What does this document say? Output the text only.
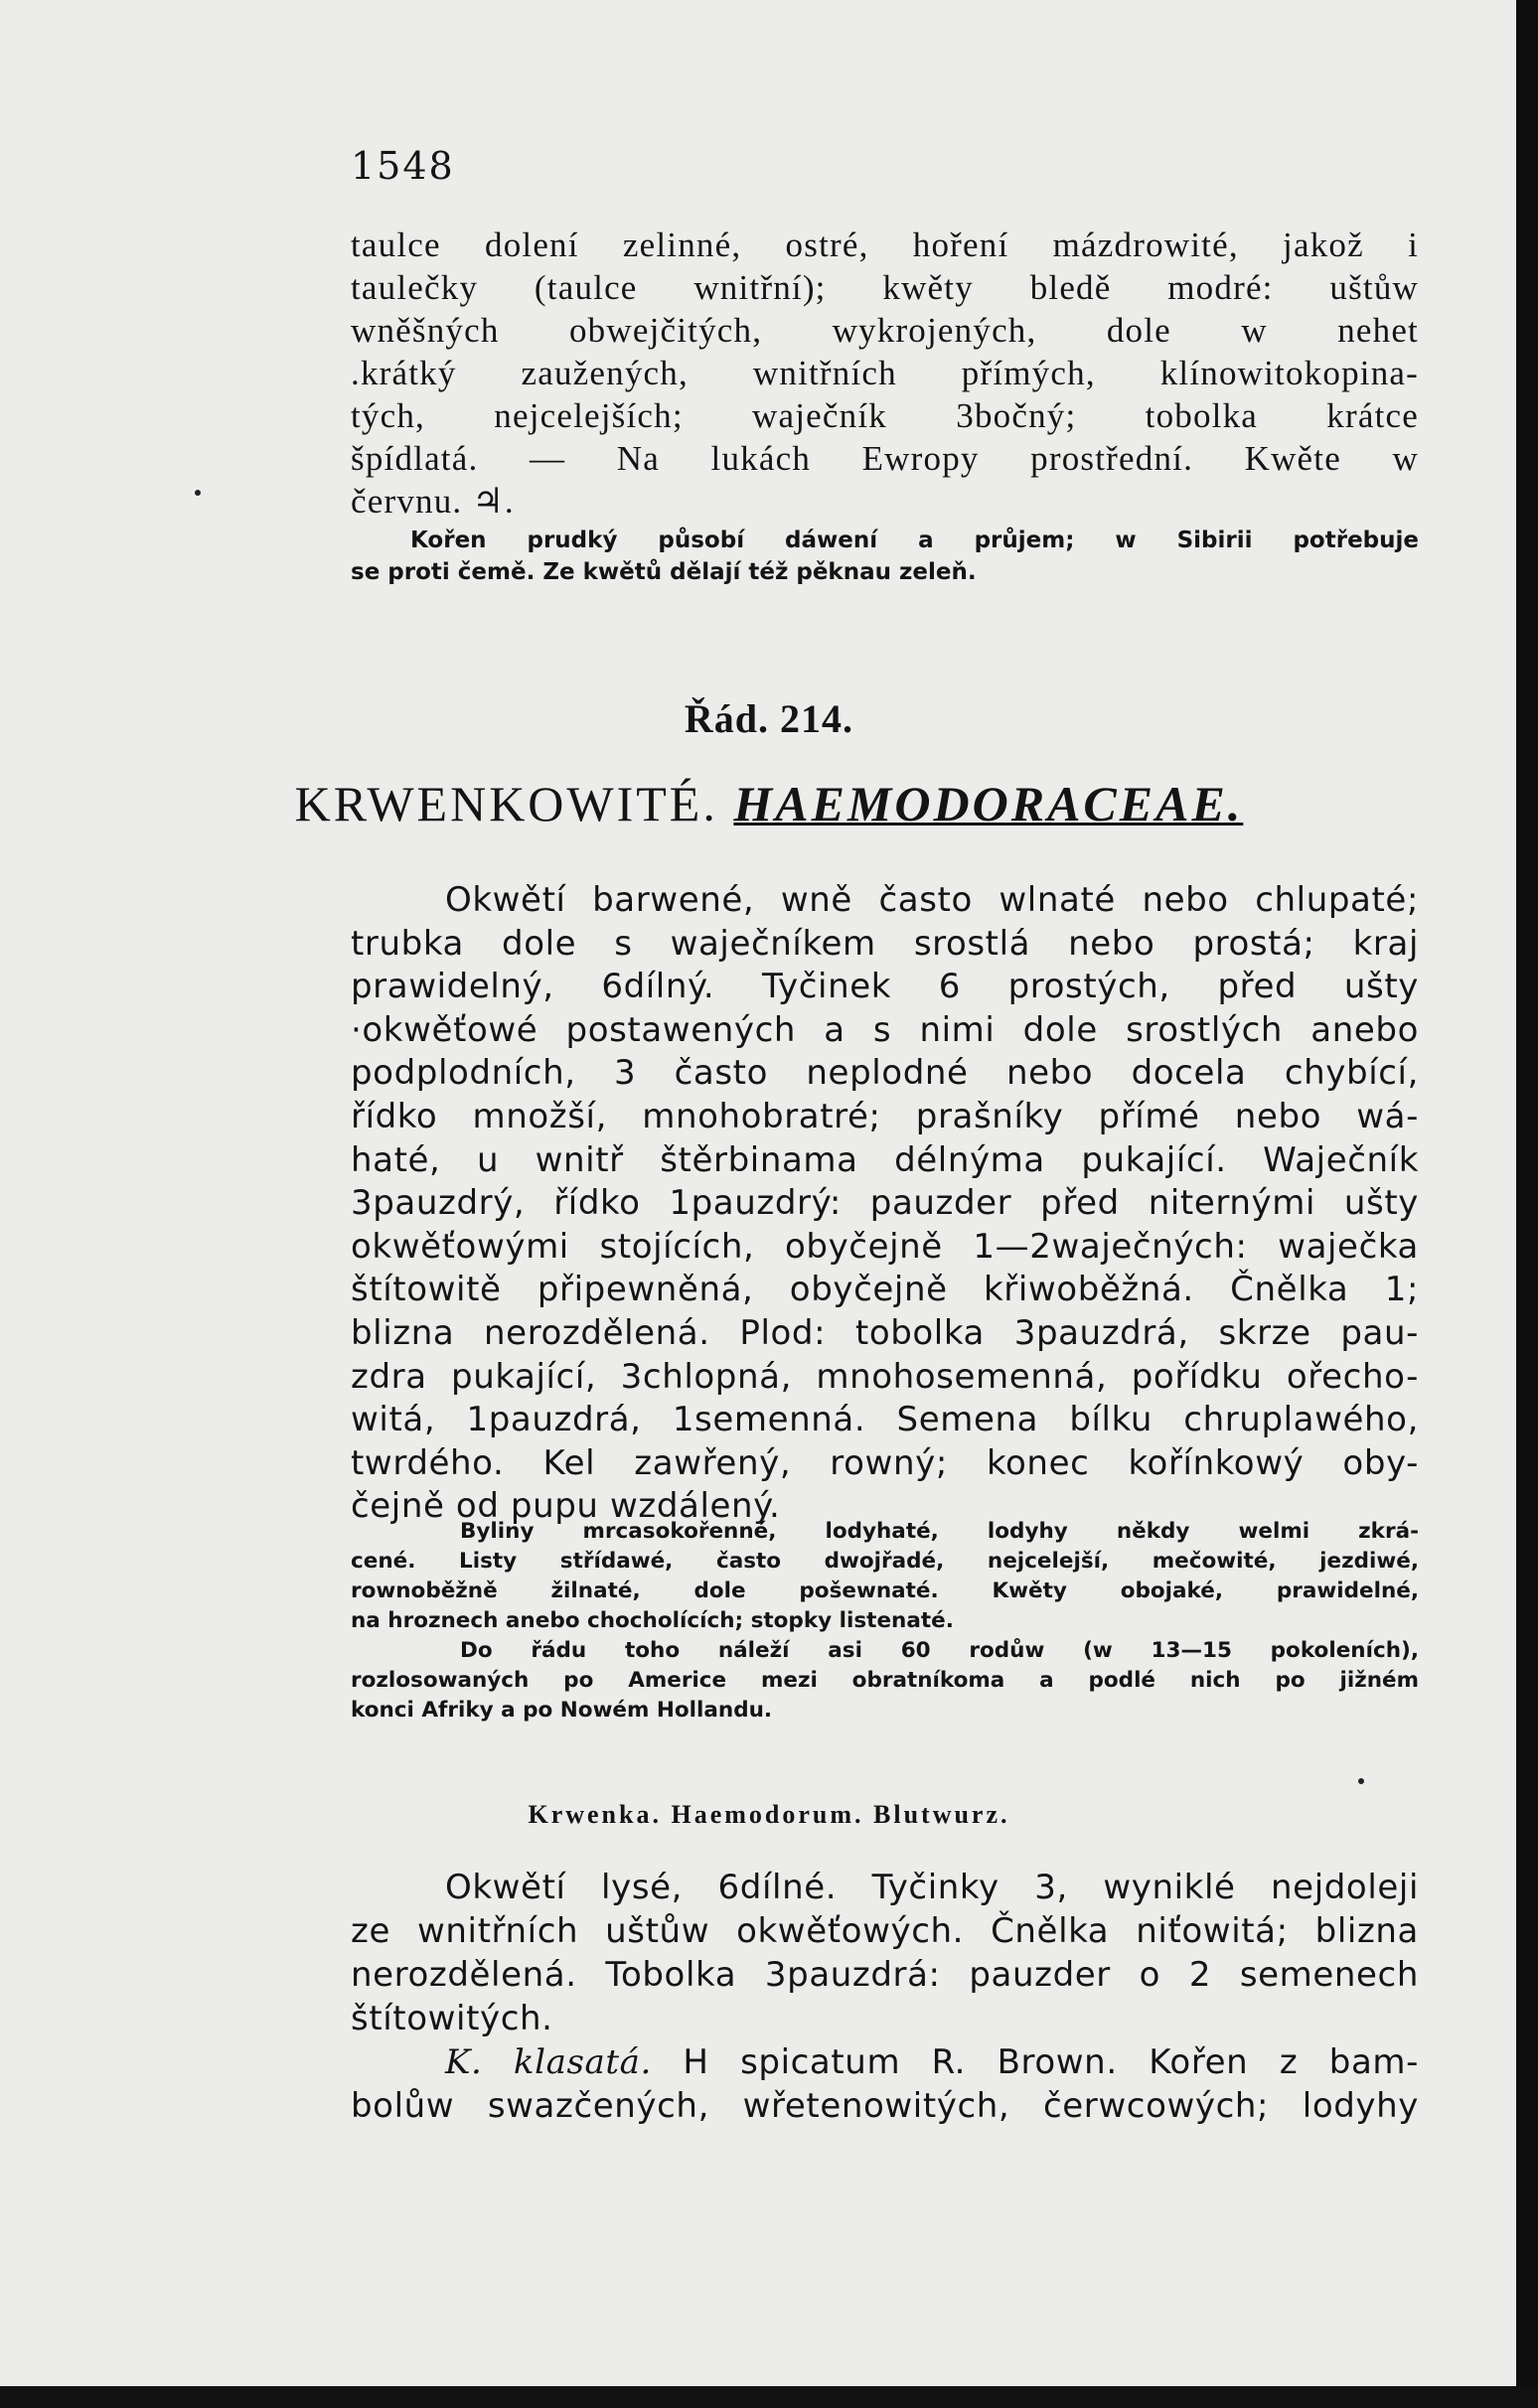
1548
taulce dolení zelinné, ostré, hoření mázdrowité, jakož i
taulečky (taulce wnitřní); kwěty bledě modré: uštůw
wněšných obwejčitých, wykrojených, dole w nehet
.krátký zaužených, wnitřních přímých, klínowitokopina-
tých, nejcelejších; waječník 3bočný; tobolka krátce
špídlatá. — Na lukách Ewropy prostřední. Kwěte w
červnu. ♃.
Kořen prudký působí dáwení a průjem; w Sibirii potřebuje
se proti čemě. Ze kwětů dělají též pěknau zeleň.
Řád. 214.
KRWENKOWITÉ. HAEMODORACEAE.
Okwětí barwené, wně často wlnaté nebo chlupaté;
trubka dole s waječníkem srostlá nebo prostá; kraj
prawidelný, 6dílný. Tyčinek 6 prostých, před ušty
·okwěťowé postawených a s nimi dole srostlých anebo
podplodních, 3 často neplodné nebo docela chybící,
řídko množší, mnohobratré; prašníky přímé nebo wá-
haté, u wnitř štěrbinama délnýma pukající. Waječník
3pauzdrý, řídko 1pauzdrý: pauzder před niternými ušty
okwěťowými stojících, obyčejně 1—2waječných: waječka
štítowitě připewněná, obyčejně křiwoběžná. Čnělka 1;
blizna nerozdělená. Plod: tobolka 3pauzdrá, skrze pau-
zdra pukající, 3chlopná, mnohosemenná, pořídku ořecho-
witá, 1pauzdrá, 1semenná. Semena bílku chruplawého,
twrdého. Kel zawřený, rowný; konec kořínkowý oby-
čejně od pupu wzdálený.
Byliny mrcasokořenné, lodyhaté, lodyhy někdy welmi zkrá-
cené. Listy střídawé, často dwojřadé, nejcelejší, mečowité, jezdiwé,
rownoběžně žilnaté, dole pošewnaté. Kwěty obojaké, prawidelné,
na hroznech anebo chocholících; stopky listenaté.
Do řádu toho náleží asi 60 rodůw (w 13—15 pokoleních),
rozlosowaných po Americe mezi obratníkoma a podlé nich po jižném
konci Afriky a po Nowém Hollandu.
Krwenka. Haemodorum. Blutwurz.
Okwětí lysé, 6dílné. Tyčinky 3, wyniklé nejdoleji
ze wnitřních uštůw okwěťowých. Čnělka niťowitá; blizna
nerozdělená. Tobolka 3pauzdrá: pauzder o 2 semenech
štítowitých.
K. klasatá. H spicatum R. Brown. Kořen z bam-
bolůw swazčených, wřetenowitých, čerwcowých; lodyhy
